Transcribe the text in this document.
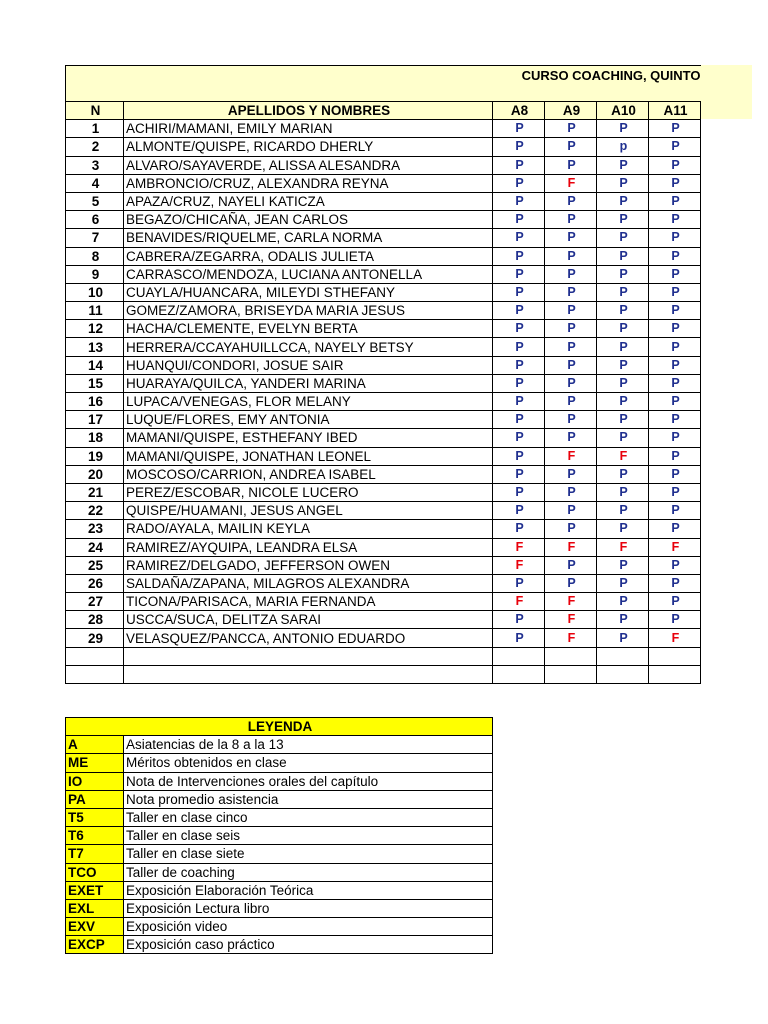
CURSO COACHING, QUINTO					

N	APELLIDOS Y NOMBRES	A8	A9	A10	A11
1	ACHIRI/MAMANI, EMILY MARIAN	P	P	P	P
2	ALMONTE/QUISPE, RICARDO DHERLY	P	P	p	P
3	ALVARO/SAYAVERDE, ALISSA ALESANDRA	P	P	P	P
4	AMBRONCIO/CRUZ, ALEXANDRA REYNA	P	F	P	P
5	APAZA/CRUZ, NAYELI KATICZA	P	P	P	P
6	BEGAZO/CHICAÑA, JEAN CARLOS	P	P	P	P
7	BENAVIDES/RIQUELME, CARLA NORMA	P	P	P	P
8	CABRERA/ZEGARRA, ODALIS JULIETA	P	P	P	P
9	CARRASCO/MENDOZA, LUCIANA ANTONELLA	P	P	P	P
10	CUAYLA/HUANCARA, MILEYDI STHEFANY	P	P	P	P
11	GOMEZ/ZAMORA, BRISEYDA MARIA JESUS	P	P	P	P
12	HACHA/CLEMENTE, EVELYN BERTA	P	P	P	P
13	HERRERA/CCAYAHUILLCCA, NAYELY BETSY	P	P	P	P
14	HUANQUI/CONDORI, JOSUE SAIR	P	P	P	P
15	HUARAYA/QUILCA, YANDERI MARINA	P	P	P	P
16	LUPACA/VENEGAS, FLOR MELANY	P	P	P	P
17	LUQUE/FLORES, EMY ANTONIA	P	P	P	P
18	MAMANI/QUISPE, ESTHEFANY IBED	P	P	P	P
19	MAMANI/QUISPE, JONATHAN LEONEL	P	F	F	P
20	MOSCOSO/CARRION, ANDREA ISABEL	P	P	P	P
21	PEREZ/ESCOBAR, NICOLE LUCERO	P	P	P	P
22	QUISPE/HUAMANI, JESUS ANGEL	P	P	P	P
23	RADO/AYALA, MAILIN KEYLA	P	P	P	P
24	RAMIREZ/AYQUIPA, LEANDRA ELSA	F	F	F	F
25	RAMIREZ/DELGADO, JEFFERSON OWEN	F	P	P	P
26	SALDAÑA/ZAPANA, MILAGROS ALEXANDRA	P	P	P	P
27	TICONA/PARISACA, MARIA FERNANDA	F	F	P	P
28	USCCA/SUCA, DELITZA SARAI	P	F	P	P
29	VELASQUEZ/PANCCA, ANTONIO EDUARDO	P	F	P	F

LEYENDA	
A	Asiatencias de la 8 a la 13
ME	Méritos obtenidos en clase
IO	Nota de Intervenciones orales del capítulo
PA	Nota promedio asistencia
T5	Taller en clase cinco
T6	Taller en clase seis
T7	Taller en clase siete
TCO	Taller de coaching
EXET	Exposición Elaboración Teórica
EXL	Exposición Lectura libro
EXV	Exposición video
EXCP	Exposición caso práctico
